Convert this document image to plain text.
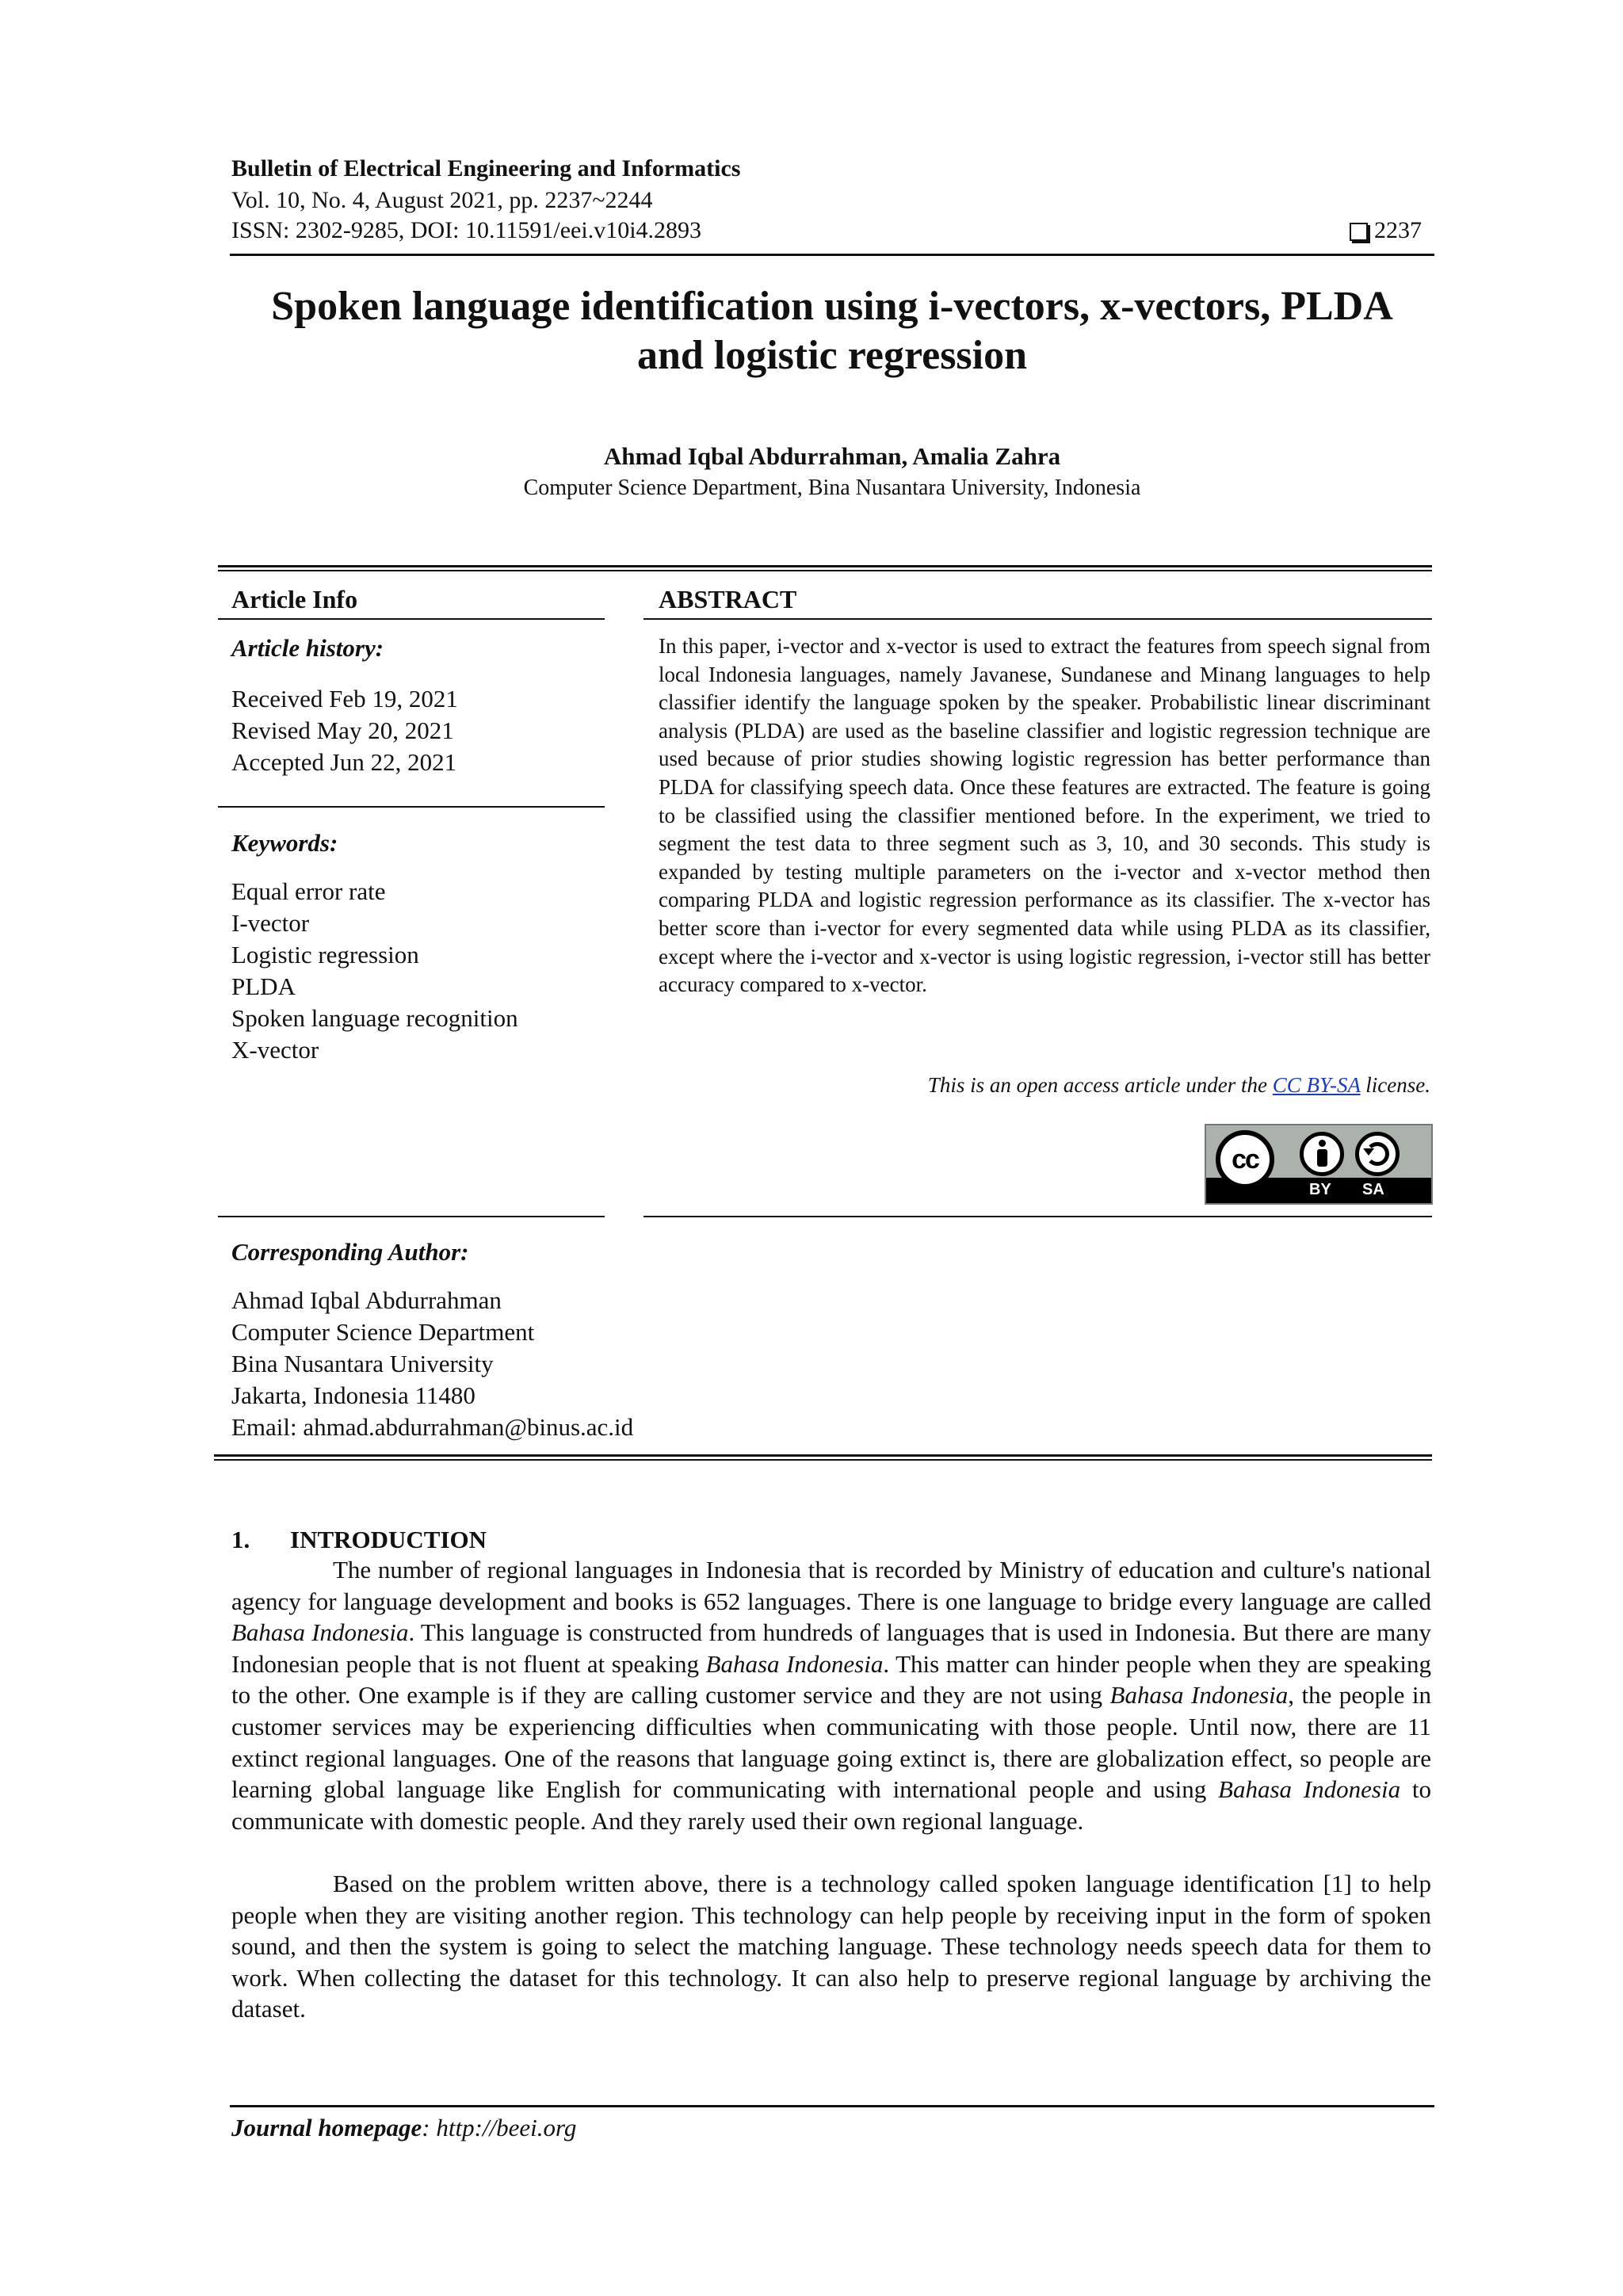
Bulletin of Electrical Engineering and Informatics
Vol. 10, No. 4, August 2021, pp. 2237~2244
ISSN: 2302-9285, DOI: 10.11591/eei.v10i4.2893	2237
Spoken language identification using i-vectors, x-vectors, PLDA
and logistic regression
Ahmad Iqbal Abdurrahman, Amalia Zahra
Computer Science Department, Bina Nusantara University, Indonesia
Article Info
Article history:
Received Feb 19, 2021
Revised May 20, 2021
Accepted Jun 22, 2021
Keywords:
Equal error rate
I-vector
Logistic regression
PLDA
Spoken language recognition
X-vector
ABSTRACT
In this paper, i-vector and x-vector is used to extract the features from speech signal from local Indonesia languages, namely Javanese, Sundanese and Minang languages to help classifier identify the language spoken by the speaker. Probabilistic linear discriminant analysis (PLDA) are used as the baseline classifier and logistic regression technique are used because of prior studies showing logistic regression has better performance than PLDA for classifying speech data. Once these features are extracted. The feature is going to be classified using the classifier mentioned before. In the experiment, we tried to segment the test data to three segment such as 3, 10, and 30 seconds. This study is expanded by testing multiple parameters on the i-vector and x-vector method then comparing PLDA and logistic regression performance as its classifier. The x-vector has better score than i-vector for every segmented data while using PLDA as its classifier, except where the i-vector and x-vector is using logistic regression, i-vector still has better accuracy compared to x-vector.
This is an open access article under the CC BY-SA license.
cc
BY SA
Corresponding Author:
Ahmad Iqbal Abdurrahman
Computer Science Department
Bina Nusantara University
Jakarta, Indonesia 11480
Email: ahmad.abdurrahman@binus.ac.id
1. INTRODUCTION
The number of regional languages in Indonesia that is recorded by Ministry of education and culture's national agency for language development and books is 652 languages. There is one language to bridge every language are called Bahasa Indonesia. This language is constructed from hundreds of languages that is used in Indonesia. But there are many Indonesian people that is not fluent at speaking Bahasa Indonesia. This matter can hinder people when they are speaking to the other. One example is if they are calling customer service and they are not using Bahasa Indonesia, the people in customer services may be experiencing difficulties when communicating with those people. Until now, there are 11 extinct regional languages. One of the reasons that language going extinct is, there are globalization effect, so people are learning global language like English for communicating with international people and using Bahasa Indonesia to communicate with domestic people. And they rarely used their own regional language.
Based on the problem written above, there is a technology called spoken language identification [1] to help people when they are visiting another region. This technology can help people by receiving input in the form of spoken sound, and then the system is going to select the matching language. These technology needs speech data for them to work. When collecting the dataset for this technology. It can also help to preserve regional language by archiving the dataset.
Journal homepage: http://beei.org
